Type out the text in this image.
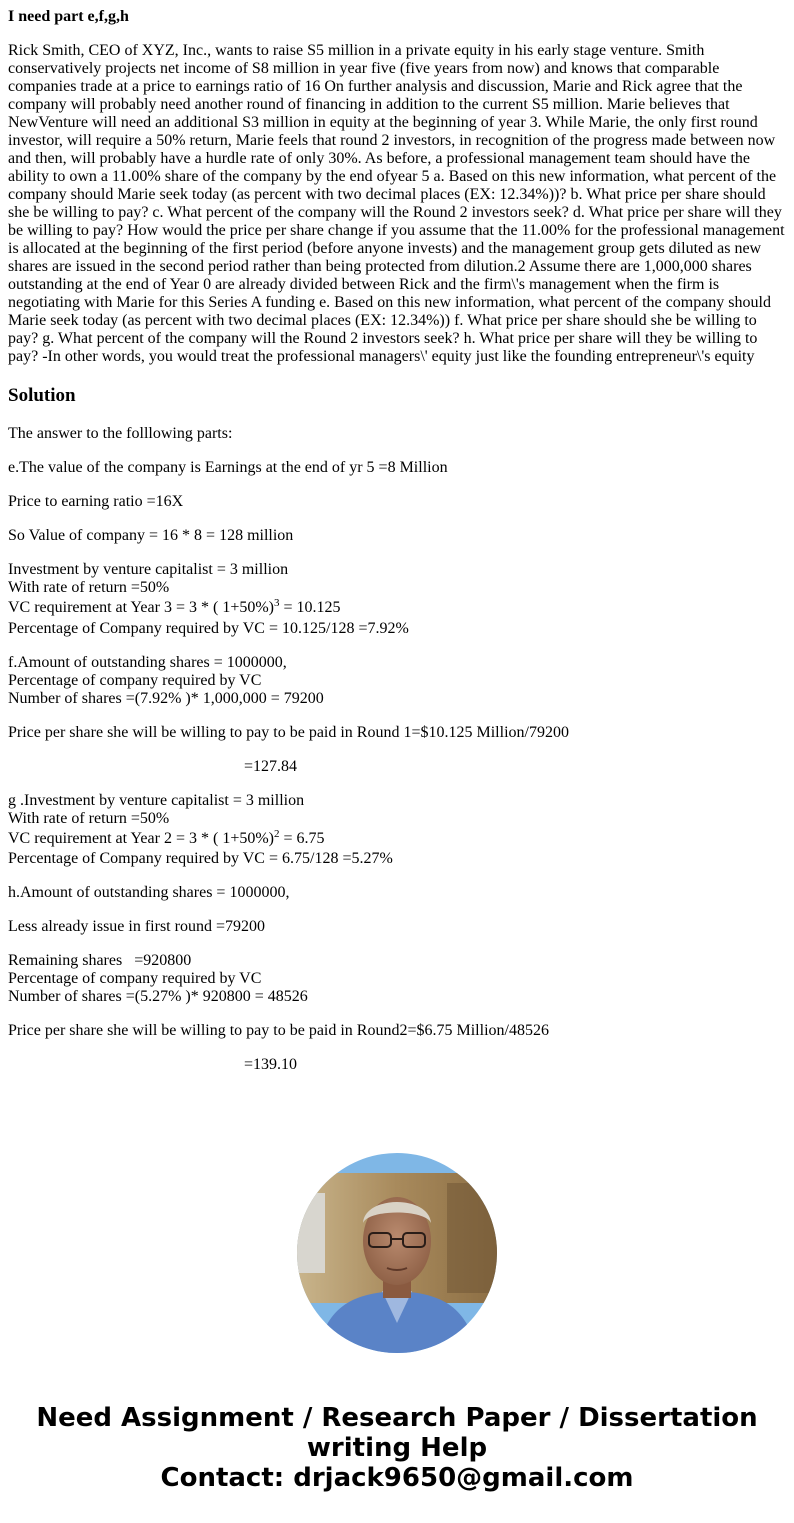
I need part e,f,g,h

Rick Smith, CEO of XYZ, Inc., wants to raise S5 million in a private equity in his early stage venture. Smith conservatively projects net income of S8 million in year five (five years from now) and knows that comparable companies trade at a price to earnings ratio of 16 On further analysis and discussion, Marie and Rick agree that the company will probably need another round of financing in addition to the current S5 million. Marie believes that NewVenture will need an additional S3 million in equity at the beginning of year 3. While Marie, the only first round investor, will require a 50% return, Marie feels that round 2 investors, in recognition of the progress made between now and then, will probably have a hurdle rate of only 30%. As before, a professional management team should have the ability to own a 11.00% share of the company by the end ofyear 5 a. Based on this new information, what percent of the company should Marie seek today (as percent with two decimal places (EX: 12.34%))? b. What price per share should she be willing to pay? c. What percent of the company will the Round 2 investors seek? d. What price per share will they be willing to pay? How would the price per share change if you assume that the 11.00% for the professional management is allocated at the beginning of the first period (before anyone invests) and the management group gets diluted as new shares are issued in the second period rather than being protected from dilution.2 Assume there are 1,000,000 shares outstanding at the end of Year 0 are already divided between Rick and the firm\'s management when the firm is negotiating with Marie for this Series A funding e. Based on this new information, what percent of the company should Marie seek today (as percent with two decimal places (EX: 12.34%)) f. What price per share should she be willing to pay? g. What percent of the company will the Round 2 investors seek? h. What price per share will they be willing to pay? -In other words, you would treat the professional managers\' equity just like the founding entrepreneur\'s equity

Solution
The answer to the folllowing parts:
e.The value of the company is Earnings at the end of yr 5 =8 Million
Price to earning ratio =16X
So Value of company = 16 * 8 = 128 million
Investment by venture capitalist = 3 million
With rate of return =50%
VC requirement at Year 3 = 3 * ( 1+50%)$^3$ = 10.125
Percentage of Company required by VC = 10.125/128 =7.92%
f.Amount of outstanding shares = 1000000,
Percentage of company required by VC
Number of shares =(7.92% )* 1,000,000 = 79200
Price per share she will be willing to pay to be paid in Round 1=$10.125 Million/79200
=127.84
g .Investment by venture capitalist = 3 million
With rate of return =50%
VC requirement at Year 2 = 3 * ( 1+50%)$^2$ = 6.75
Percentage of Company required by VC = 6.75/128 =5.27%
h.Amount of outstanding shares = 1000000,
Less already issue in first round =79200
Remaining shares   =920800
Percentage of company required by VC
Number of shares =(5.27% )* 920800 = 48526
Price per share she will be willing to pay to be paid in Round2=$6.75 Million/48526
=139.10
Need Assignment / Research Paper / Dissertation
writing Help
Contact: drjack9650@gmail.com
